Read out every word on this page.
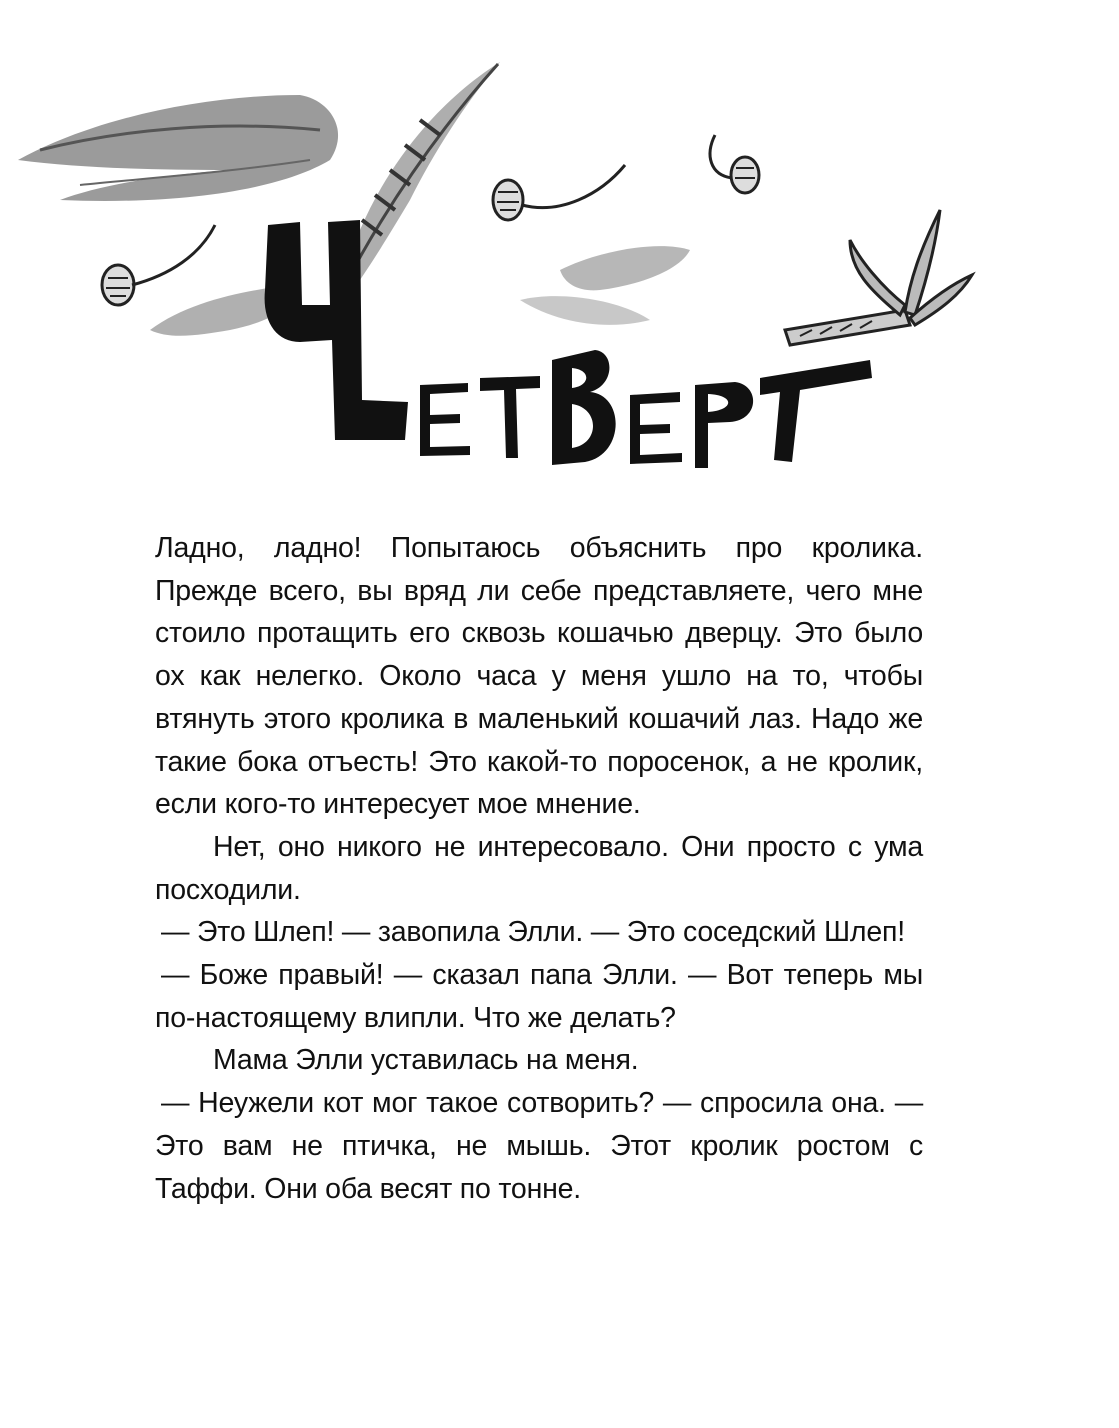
Ладно, ладно! Попытаюсь объяснить про кролика. Прежде всего, вы вряд ли себе представляете, чего мне стоило протащить его сквозь кошачью дверцу. Это было ох как нелегко. Около часа у меня ушло на то, чтобы втянуть этого кролика в маленький кошачий лаз. Надо же такие бока отъесть! Это какой-то поросенок, а не кролик, если кого-то интересует мое мнение.

Нет, оно никого не интересовало. Они просто с ума посходили.

— Это Шлеп! — завопила Элли. — Это соседский Шлеп!

— Боже правый! — сказал папа Элли. — Вот теперь мы по-настоящему влипли. Что же делать?

Мама Элли уставилась на меня.

— Неужели кот мог такое сотворить? — спросила она. — Это вам не птичка, не мышь. Этот кролик ростом с Таффи. Они оба весят по тонне.
